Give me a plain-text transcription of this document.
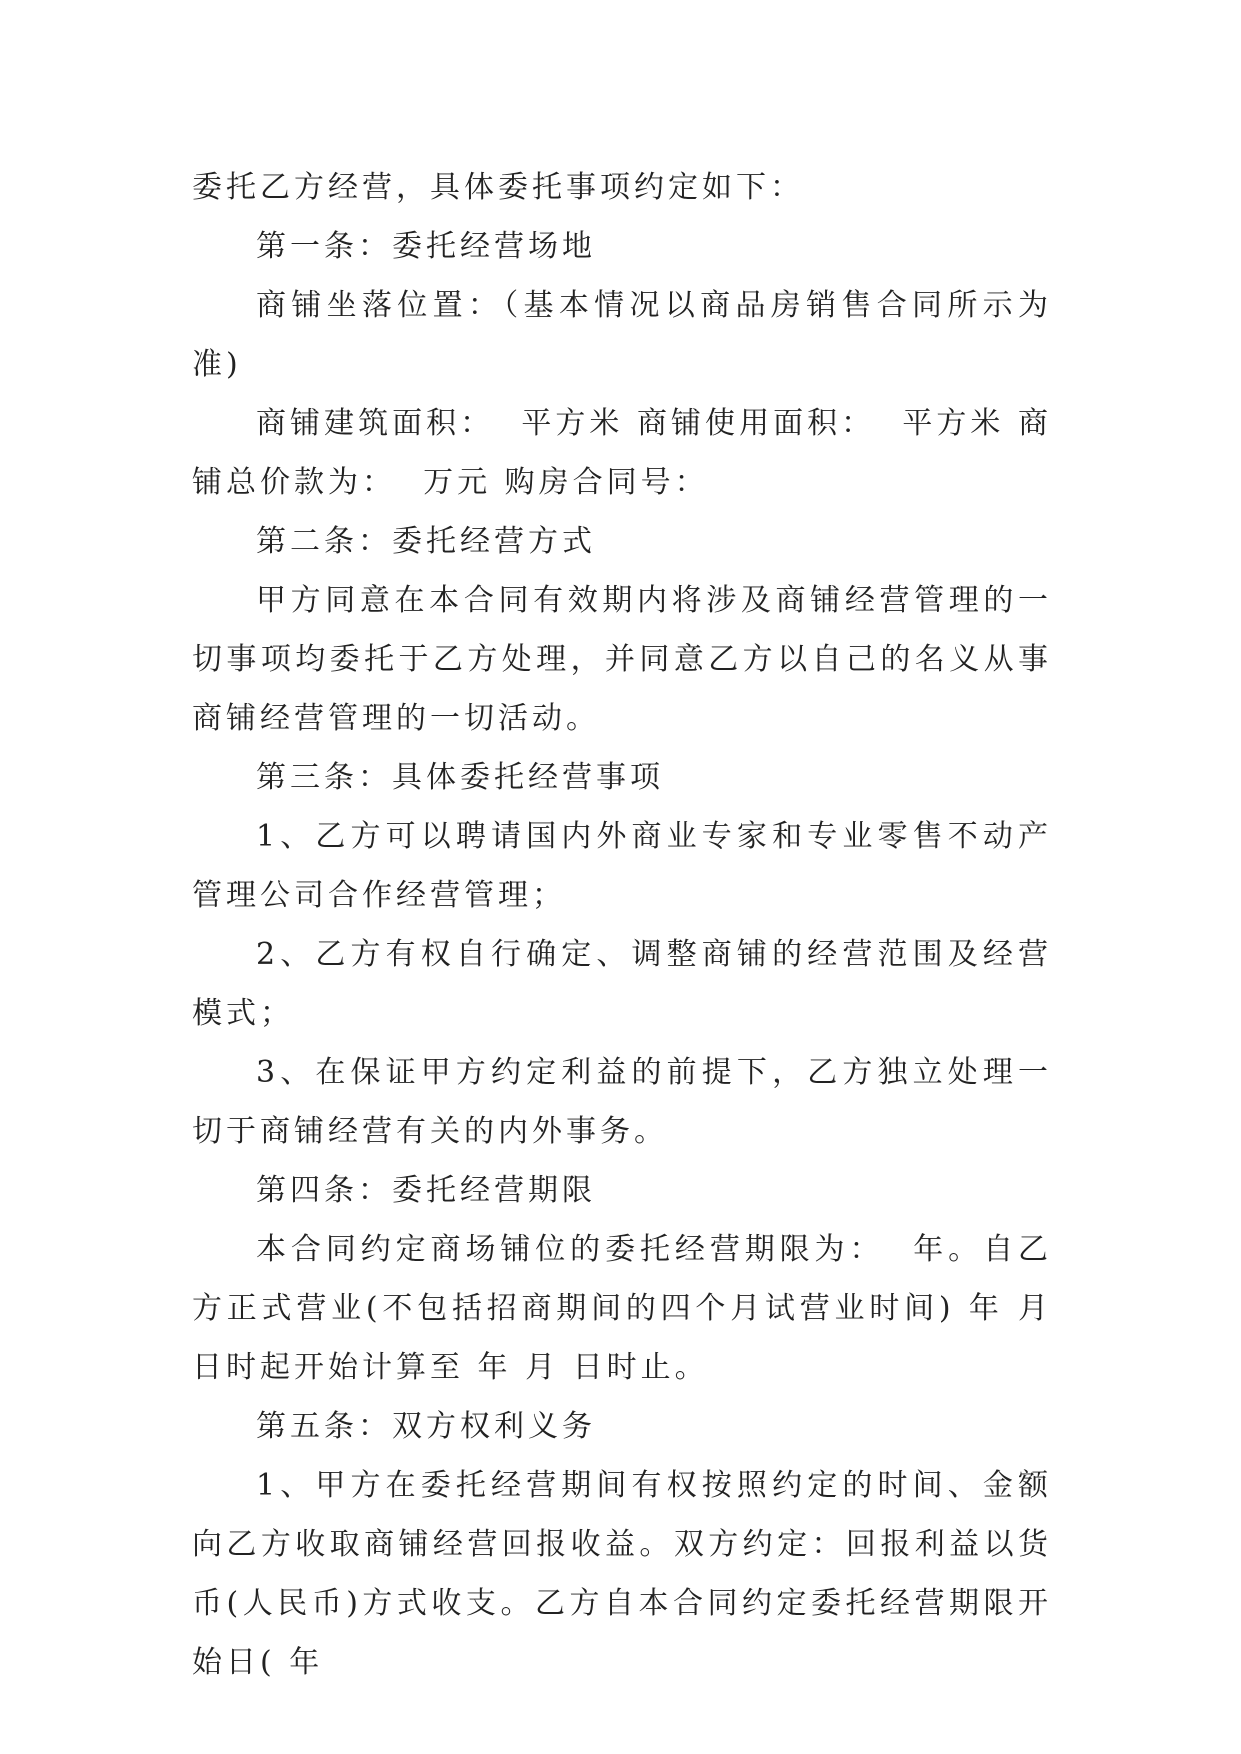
委托乙方经营，具体委托事项约定如下：

第一条：委托经营场地

商铺坐落位置：（基本情况以商品房销售合同所示为准)

商铺建筑面积：  平方米 商铺使用面积：  平方米 商铺总价款为：  万元 购房合同号：

第二条：委托经营方式

甲方同意在本合同有效期内将涉及商铺经营管理的一切事项均委托于乙方处理，并同意乙方以自己的名义从事商铺经营管理的一切活动。

第三条：具体委托经营事项

1、乙方可以聘请国内外商业专家和专业零售不动产管理公司合作经营管理；

2、乙方有权自行确定、调整商铺的经营范围及经营模式；

3、在保证甲方约定利益的前提下，乙方独立处理一切于商铺经营有关的内外事务。

第四条：委托经营期限

本合同约定商场铺位的委托经营期限为：  年。自乙方正式营业(不包括招商期间的四个月试营业时间) 年 月 日时起开始计算至 年 月 日时止。

第五条：双方权利义务

1、甲方在委托经营期间有权按照约定的时间、金额向乙方收取商铺经营回报收益。双方约定：回报利益以货币(人民币)方式收支。乙方自本合同约定委托经营期限开始日( 年
